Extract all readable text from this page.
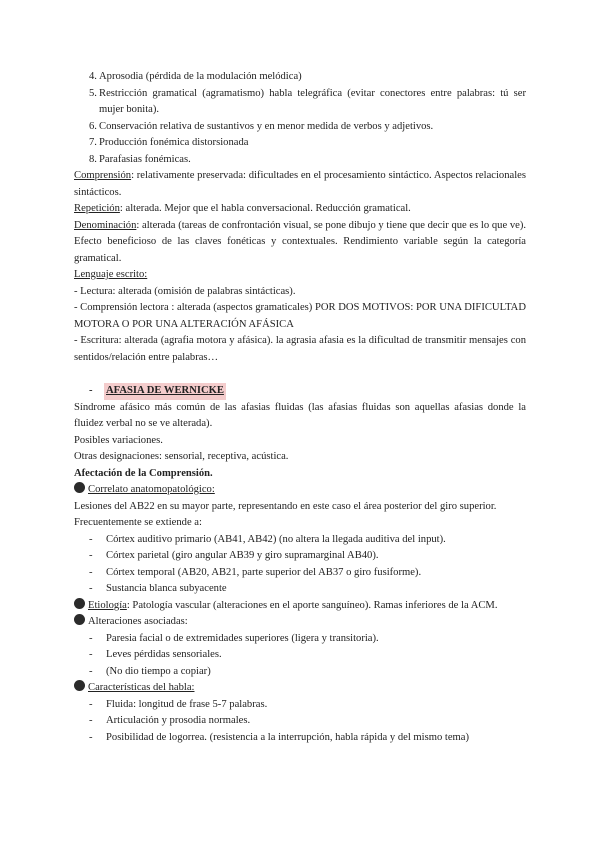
4. Aprosodia (pérdida de la modulación melódica)
5. Restricción gramatical (agramatismo) habla telegráfica (evitar conectores entre palabras: tú ser mujer bonita).
6. Conservación relativa de sustantivos y en menor medida de verbos y adjetivos.
7. Producción fonémica distorsionada
8. Parafasias fonémicas.

Comprensión: relativamente preservada: dificultades en el procesamiento sintáctico. Aspectos relacionales sintácticos.

Repetición: alterada. Mejor que el habla conversacional. Reducción gramatical.

Denominación: alterada (tareas de confrontación visual, se pone dibujo y tiene que decir que es lo que ve). Efecto beneficioso de las claves fonéticas y contextuales. Rendimiento variable según la categoría gramatical.

Lenguaje escrito:

- Lectura: alterada (omisión de palabras sintácticas).

- Comprensión lectora : alterada (aspectos gramaticales) POR DOS MOTIVOS: POR UNA DIFICULTAD MOTORA O POR UNA ALTERACIÓN AFÁSICA

- Escritura: alterada (agrafia motora y afásica). la agrasia afasia es la dificultad de transmitir mensajes con sentidos/relación entre palabras…

-	AFASIA DE WERNICKE

Síndrome afásico más común de las afasias fluidas (las afasias fluidas son aquellas afasias donde la fluidez verbal no se ve alterada).

Posibles variaciones.

Otras designaciones: sensorial, receptiva, acústica.

Afectación de la Comprensión.

Correlato anatomopatológico:

Lesiones del AB22 en su mayor parte, representando en este caso el área posterior del giro superior.

Frecuentemente se extiende a:

- Córtex auditivo primario (AB41, AB42) (no altera la llegada auditiva del input).
- Córtex parietal (giro angular AB39 y giro supramarginal AB40).
- Córtex temporal (AB20, AB21, parte superior del AB37 o giro fusiforme).
- Sustancia blanca subyacente

Etiología: Patología vascular (alteraciones en el aporte sanguíneo). Ramas inferiores de la ACM.

Alteraciones asociadas:

- Paresia facial o de extremidades superiores (ligera y transitoria).
- Leves pérdidas sensoriales.
- (No dio tiempo a copiar)

Características del habla:

- Fluida: longitud de frase 5-7 palabras.
- Articulación y prosodia normales.
- Posibilidad de logorrea. (resistencia a la interrupción, habla rápida y del mismo tema)
